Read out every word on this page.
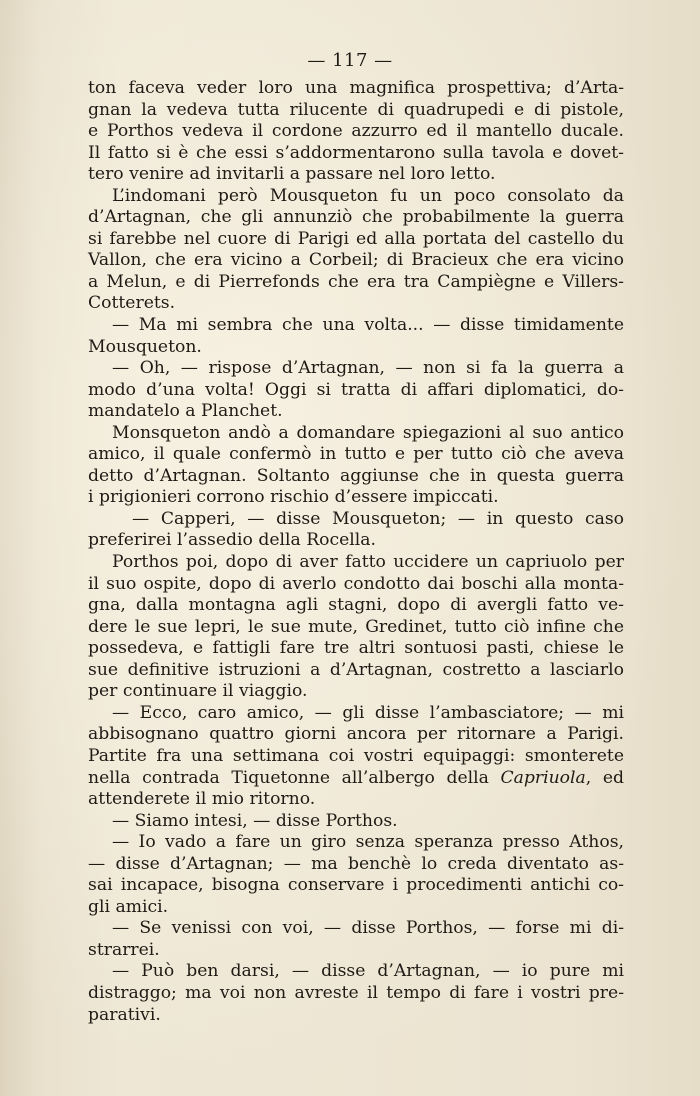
— 117 —
ton faceva veder loro una magnifica prospettiva; d’Arta-
gnan la vedeva tutta rilucente di quadrupedi e di pistole,
e Porthos vedeva il cordone azzurro ed il mantello ducale.
Il fatto si è che essi s’addormentarono sulla tavola e dovet-
tero venire ad invitarli a passare nel loro letto.
L’indomani però Mousqueton fu un poco consolato da
d’Artagnan, che gli annunziò che probabilmente la guerra
si farebbe nel cuore di Parigi ed alla portata del castello du
Vallon, che era vicino a Corbeil; di Bracieux che era vicino
a Melun, e di Pierrefonds che era tra Campiègne e Villers-
Cotterets.
— Ma mi sembra che una volta... — disse timidamente
Mousqueton.
— Oh, — rispose d’Artagnan, — non si fa la guerra a
modo d’una volta! Oggi si tratta di affari diplomatici, do-
mandatelo a Planchet.
Monsqueton andò a domandare spiegazioni al suo antico
amico, il quale confermò in tutto e per tutto ciò che aveva
detto d’Artagnan. Soltanto aggiunse che in questa guerra
i prigionieri corrono rischio d’essere impiccati.
— Capperi, — disse Mousqueton; — in questo caso
preferirei l’assedio della Rocella.
Porthos poi, dopo di aver fatto uccidere un capriuolo per
il suo ospite, dopo di averlo condotto dai boschi alla monta-
gna, dalla montagna agli stagni, dopo di avergli fatto ve-
dere le sue lepri, le sue mute, Gredinet, tutto ciò infine che
possedeva, e fattigli fare tre altri sontuosi pasti, chiese le
sue definitive istruzioni a d’Artagnan, costretto a lasciarlo
per continuare il viaggio.
— Ecco, caro amico, — gli disse l’ambasciatore; — mi
abbisognano quattro giorni ancora per ritornare a Parigi.
Partite fra una settimana coi vostri equipaggi: smonterete
nella contrada Tiquetonne all’albergo della Capriuola, ed
attenderete il mio ritorno.
— Siamo intesi, — disse Porthos.
— Io vado a fare un giro senza speranza presso Athos,
— disse d’Artagnan; — ma benchè lo creda diventato as-
sai incapace, bisogna conservare i procedimenti antichi co-
gli amici.
— Se venissi con voi, — disse Porthos, — forse mi di-
strarrei.
— Può ben darsi, — disse d’Artagnan, — io pure mi
distraggo; ma voi non avreste il tempo di fare i vostri pre-
parativi.
